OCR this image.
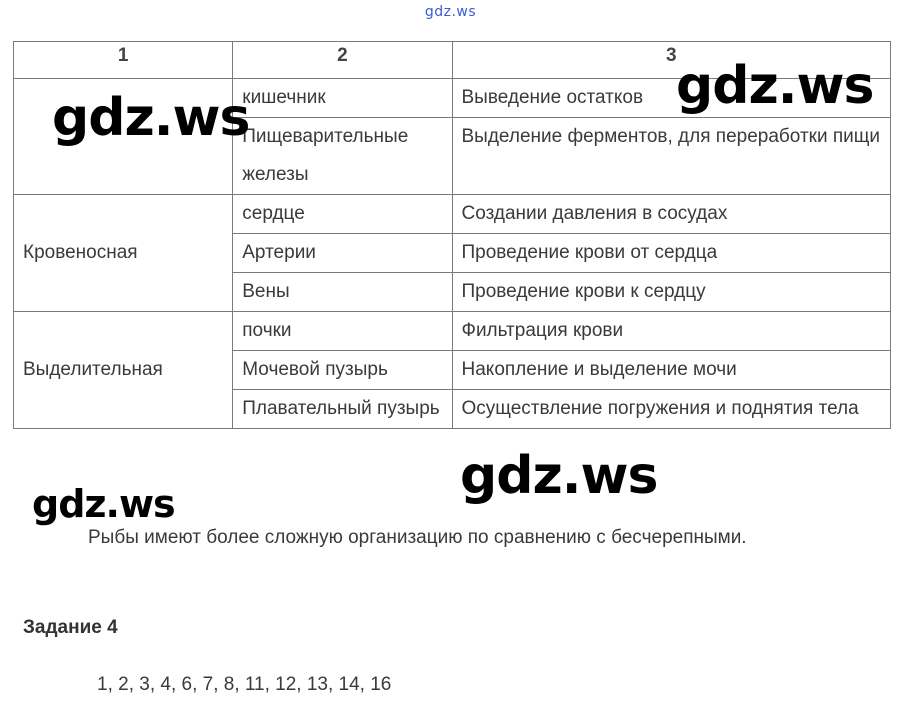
gdz.ws
1	2	3
	кишечник	Выведение остатков
	Пищеварительные железы	Выделение ферментов, для переработки пищи
Кровеносная	сердце	Создании давления в сосудах
	Артерии	Проведение крови от сердца
	Вены	Проведение крови к сердцу
Выделительная	почки	Фильтрация крови
	Мочевой пузырь	Накопление и выделение мочи
	Плавательный пузырь	Осуществление погружения и поднятия тела
gdz.ws
gdz.ws
gdz.ws
gdz.ws
Рыбы имеют более сложную организацию по сравнению с бесчерепными.
Задание 4
1, 2, 3, 4, 6, 7, 8, 11, 12, 13, 14, 16
